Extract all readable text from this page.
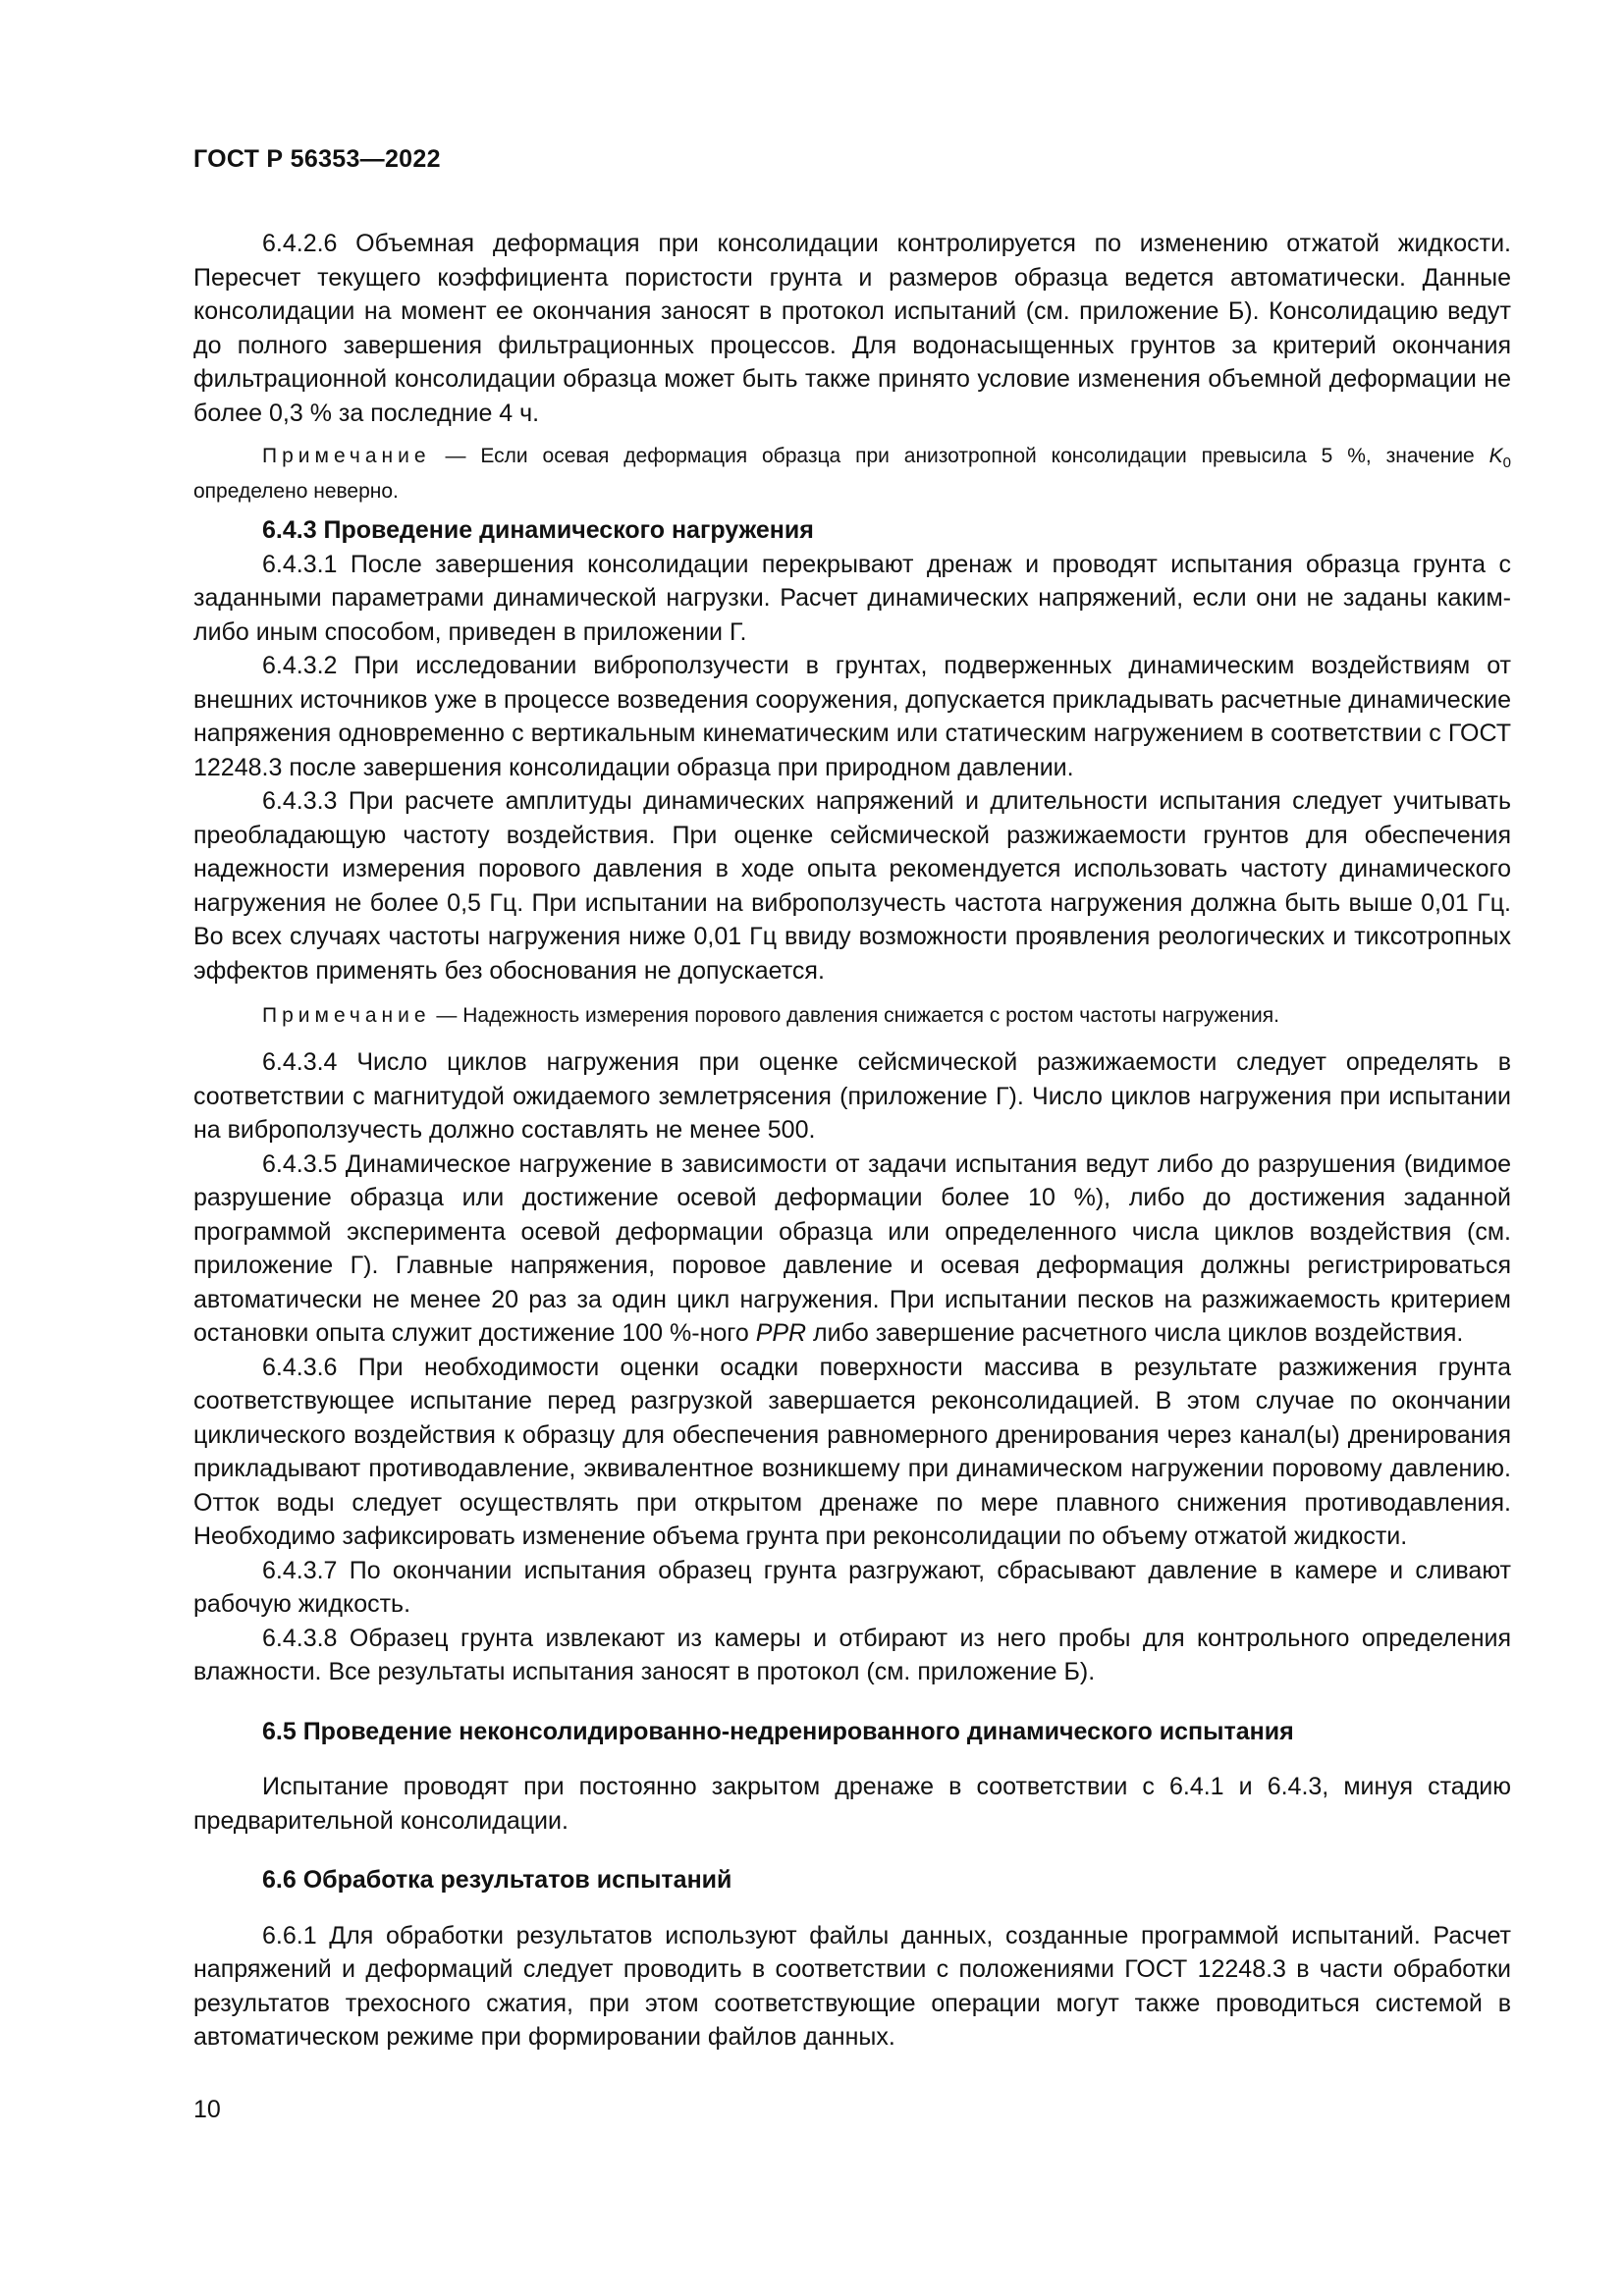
ГОСТ Р 56353—2022

6.4.2.6 Объемная деформация при консолидации контролируется по изменению отжатой жидкости. Пересчет текущего коэффициента пористости грунта и размеров образца ведется автоматически. Данные консолидации на момент ее окончания заносят в протокол испытаний (см. приложение Б). Консолидацию ведут до полного завершения фильтрационных процессов. Для водонасыщенных грунтов за критерий окончания фильтрационной консолидации образца может быть также принято условие изменения объемной деформации не более 0,3 % за последние 4 ч.

Примечание — Если осевая деформация образца при анизотропной консолидации превысила 5 %, значение $K_0$ определено неверно.

6.4.3 Проведение динамического нагружения

6.4.3.1 После завершения консолидации перекрывают дренаж и проводят испытания образца грунта с заданными параметрами динамической нагрузки. Расчет динамических напряжений, если они не заданы каким-либо иным способом, приведен в приложении Г.

6.4.3.2 При исследовании виброползучести в грунтах, подверженных динамическим воздействиям от внешних источников уже в процессе возведения сооружения, допускается прикладывать расчетные динамические напряжения одновременно с вертикальным кинематическим или статическим нагружением в соответствии с ГОСТ 12248.3 после завершения консолидации образца при природном давлении.

6.4.3.3 При расчете амплитуды динамических напряжений и длительности испытания следует учитывать преобладающую частоту воздействия. При оценке сейсмической разжижаемости грунтов для обеспечения надежности измерения порового давления в ходе опыта рекомендуется использовать частоту динамического нагружения не более 0,5 Гц. При испытании на виброползучесть частота нагружения должна быть выше 0,01 Гц. Во всех случаях частоты нагружения ниже 0,01 Гц ввиду возможности проявления реологических и тиксотропных эффектов применять без обоснования не допускается.

Примечание — Надежность измерения порового давления снижается с ростом частоты нагружения.

6.4.3.4 Число циклов нагружения при оценке сейсмической разжижаемости следует определять в соответствии с магнитудой ожидаемого землетрясения (приложение Г). Число циклов нагружения при испытании на виброползучесть должно составлять не менее 500.

6.4.3.5 Динамическое нагружение в зависимости от задачи испытания ведут либо до разрушения (видимое разрушение образца или достижение осевой деформации более 10 %), либо до достижения заданной программой эксперимента осевой деформации образца или определенного числа циклов воздействия (см. приложение Г). Главные напряжения, поровое давление и осевая деформация должны регистрироваться автоматически не менее 20 раз за один цикл нагружения. При испытании песков на разжижаемость критерием остановки опыта служит достижение 100 %-ного PPR либо завершение расчетного числа циклов воздействия.

6.4.3.6 При необходимости оценки осадки поверхности массива в результате разжижения грунта соответствующее испытание перед разгрузкой завершается реконсолидацией. В этом случае по окончании циклического воздействия к образцу для обеспечения равномерного дренирования через канал(ы) дренирования прикладывают противодавление, эквивалентное возникшему при динамическом нагружении поровому давлению. Отток воды следует осуществлять при открытом дренаже по мере плавного снижения противодавления. Необходимо зафиксировать изменение объема грунта при реконсолидации по объему отжатой жидкости.

6.4.3.7 По окончании испытания образец грунта разгружают, сбрасывают давление в камере и сливают рабочую жидкость.

6.4.3.8 Образец грунта извлекают из камеры и отбирают из него пробы для контрольного определения влажности. Все результаты испытания заносят в протокол (см. приложение Б).

6.5 Проведение неконсолидированно-недренированного динамического испытания

Испытание проводят при постоянно закрытом дренаже в соответствии с 6.4.1 и 6.4.3, минуя стадию предварительной консолидации.

6.6 Обработка результатов испытаний

6.6.1 Для обработки результатов используют файлы данных, созданные программой испытаний. Расчет напряжений и деформаций следует проводить в соответствии с положениями ГОСТ 12248.3 в части обработки результатов трехосного сжатия, при этом соответствующие операции могут также проводиться системой в автоматическом режиме при формировании файлов данных.

10
